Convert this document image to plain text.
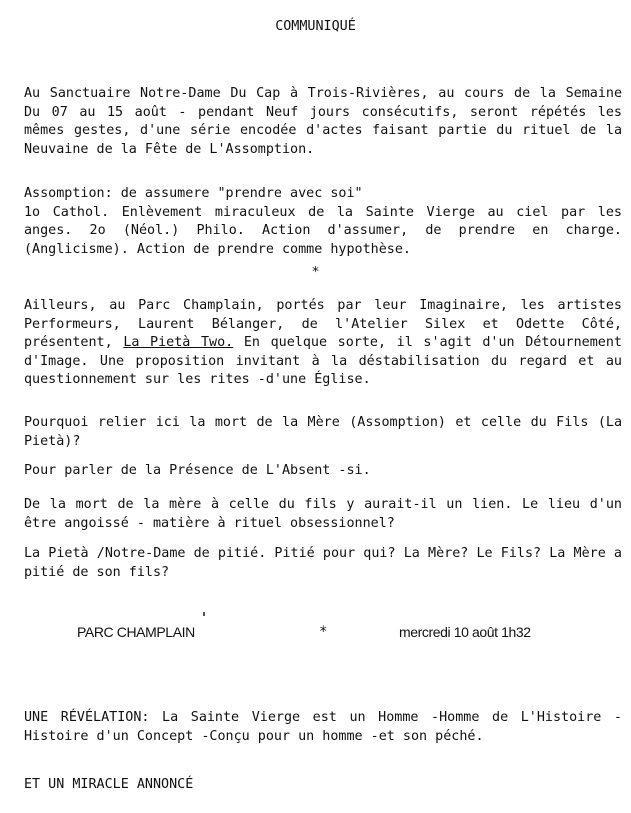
COMMUNIQUÉ

Au Sanctuaire Notre-Dame Du Cap à Trois-Rivières, au cours de la Semaine Du 07 au 15 août - pendant Neuf jours consécutifs, seront répétés les mêmes gestes, d'une série encodée d'actes faisant partie du rituel de la Neuvaine de la Fête de L'Assomption.

Assomption: de assumere "prendre avec soi"
1o Cathol. Enlèvement miraculeux de la Sainte Vierge au ciel par les anges. 2o (Néol.) Philo. Action d'assumer, de prendre en charge. (Anglicisme). Action de prendre comme hypothèse.

*

Ailleurs, au Parc Champlain, portés par leur Imaginaire, les artistes Performeurs, Laurent Bélanger, de l'Atelier Silex et Odette Côté, présentent, La Pietà Two. En quelque sorte, il s'agit d'un Détournement d'Image. Une proposition invitant à la déstabilisation du regard et au questionnement sur les rites -d'une Église.

Pourquoi relier ici la mort de la Mère (Assomption) et celle du Fils (La Pietà)?

Pour parler de la Présence de L'Absent -si.

De la mort de la mère à celle du fils y aurait-il un lien. Le lieu d'un être angoissé - matière à rituel obsessionnel?

La Pietà /Notre-Dame de pitié. Pitié pour qui? La Mère? Le Fils? La Mère a pitié de son fils?

PARC CHAMPLAIN	*	mercredi 10 août 1h32

UNE RÉVÉLATION: La Sainte Vierge est un Homme -Homme de L'Histoire - Histoire d'un Concept -Conçu pour un homme -et son péché.

ET UN MIRACLE ANNONCÉ
